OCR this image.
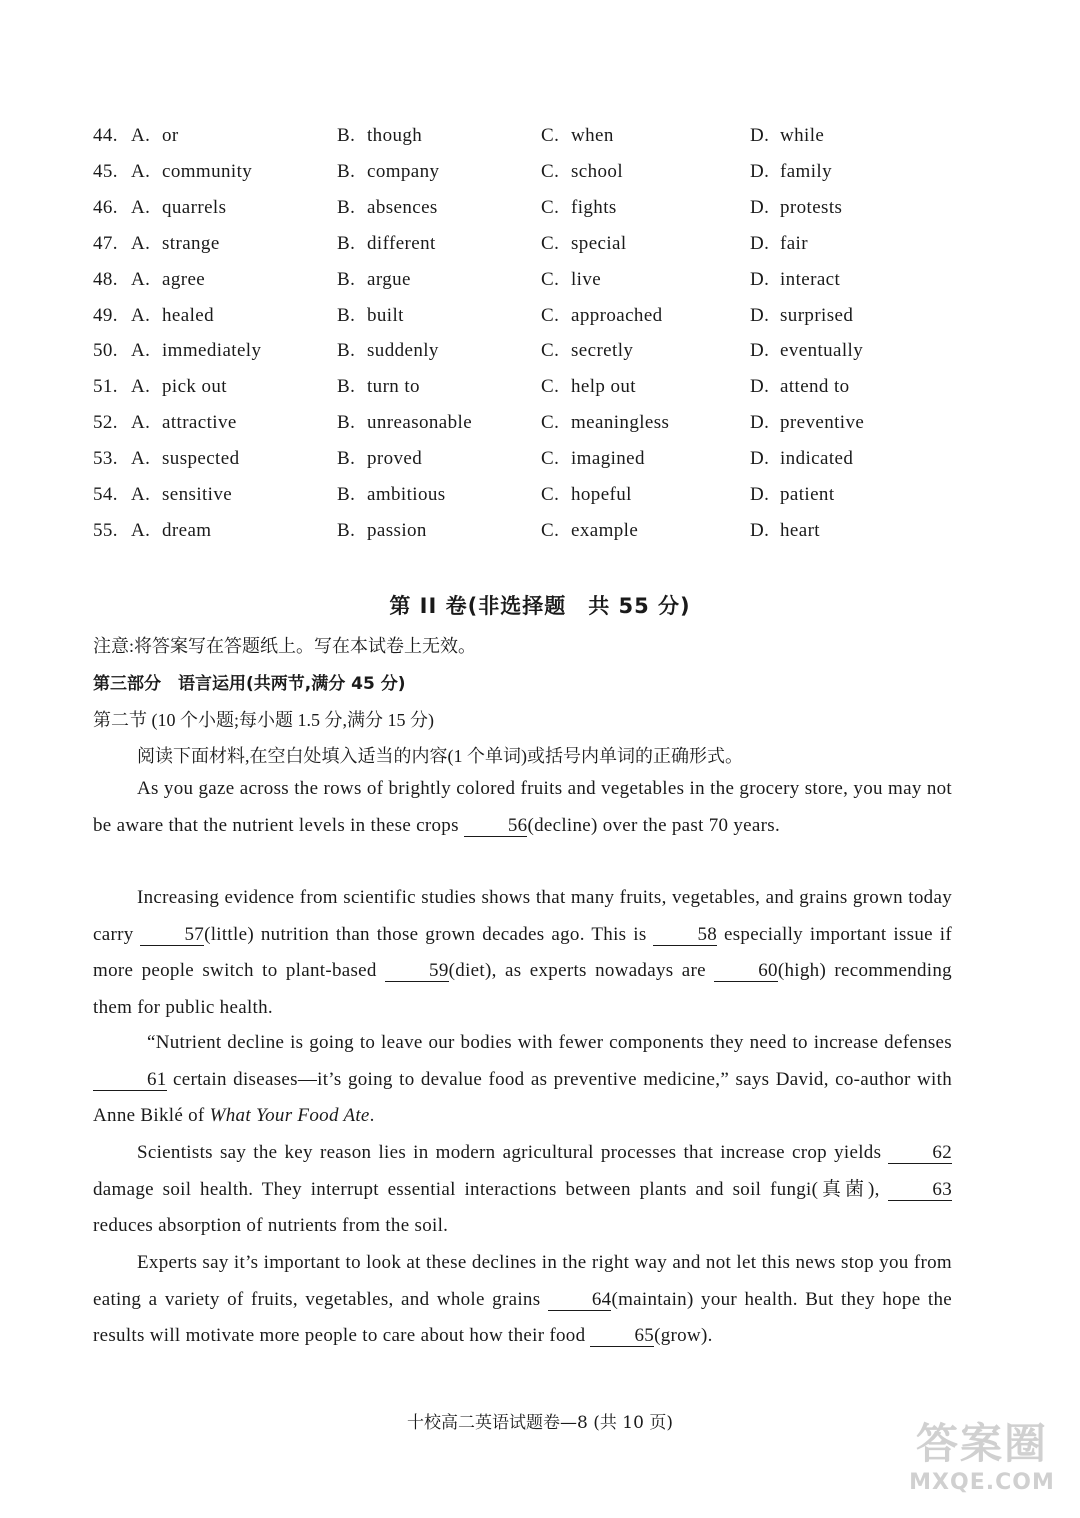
44. A. or	B. though	C. when	D. while
45. A. community	B. company	C. school	D. family
46. A. quarrels	B. absences	C. fights	D. protests
47. A. strange	B. different	C. special	D. fair
48. A. agree	B. argue	C. live	D. interact
49. A. healed	B. built	C. approached	D. surprised
50. A. immediately	B. suddenly	C. secretly	D. eventually
51. A. pick out	B. turn to	C. help out	D. attend to
52. A. attractive	B. unreasonable	C. meaningless	D. preventive
53. A. suspected	B. proved	C. imagined	D. indicated
54. A. sensitive	B. ambitious	C. hopeful	D. patient
55. A. dream	B. passion	C. example	D. heart
第 II 卷(非选择题　共 55 分)
注意:将答案写在答题纸上。写在本试卷上无效。
第三部分　语言运用(共两节,满分 45 分)
第二节 (10 个小题;每小题 1.5 分,满分 15 分)
阅读下面材料,在空白处填入适当的内容(1 个单词)或括号内单词的正确形式。
As you gaze across the rows of brightly colored fruits and vegetables in the grocery store, you may not be aware that the nutrient levels in these crops 56(decline) over the past 70 years.
Increasing evidence from scientific studies shows that many fruits, vegetables, and grains grown today carry 57(little) nutrition than those grown decades ago. This is 58 especially important issue if more people switch to plant-based 59(diet), as experts nowadays are 60(high) recommending them for public health.
“Nutrient decline is going to leave our bodies with fewer components they need to increase defenses 61 certain diseases—it’s going to devalue food as preventive medicine,” says David, co-author with Anne Biklé of What Your Food Ate.
Scientists say the key reason lies in modern agricultural processes that increase crop yields 62 damage soil health. They interrupt essential interactions between plants and soil fungi(真菌), 63 reduces absorption of nutrients from the soil.
Experts say it’s important to look at these declines in the right way and not let this news stop you from eating a variety of fruits, vegetables, and whole grains 64(maintain) your health. But they hope the results will motivate more people to care about how their food 65(grow).
十校高二英语试题卷—8 (共 10 页)	答案圈
MXQE.COM
